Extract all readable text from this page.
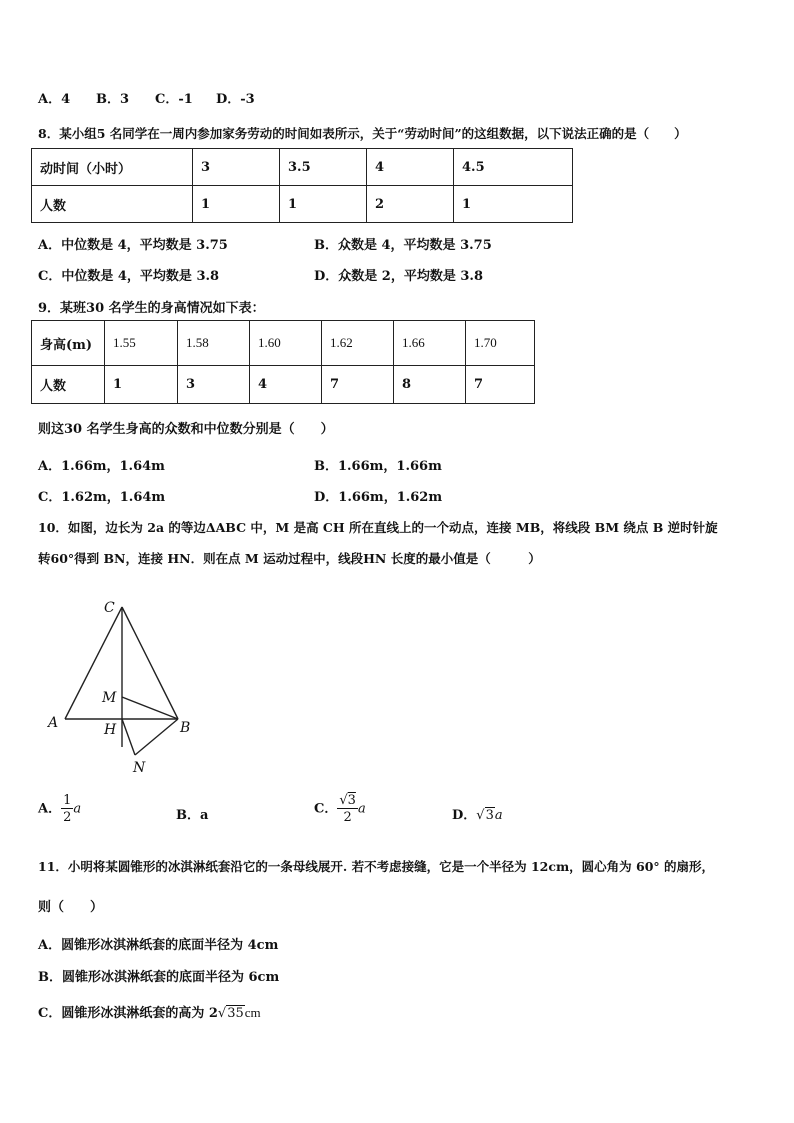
A．4 B．3 C．-1 D．-3
8．某小组5 名同学在一周内参加家务劳动的时间如表所示，关于“劳动时间”的这组数据，以下说法正确的是（　　）
动时间（小时）	3	3.5	4	4.5
人数	1	1	2	1
A．中位数是 4，平均数是 3.75	B．众数是 4，平均数是 3.75
C．中位数是 4，平均数是 3.8	D．众数是 2，平均数是 3.8
9．某班30 名学生的身高情况如下表：
身高(m)	1.55	1.58	1.60	1.62	1.66	1.70
人数	1	3	4	7	8	7
则这30 名学生身高的众数和中位数分别是（　　）
A．1.66m，1.64m	B．1.66m，1.66m
C．1.62m，1.64m	D．1.66m，1.62m
10．如图，边长为 2a 的等边ΔABC 中，M 是高 CH 所在直线上的一个动点，连接 MB，将线段 BM 绕点 B 逆时针旋
转60°得到 BN，连接 HN．则在点 M 运动过程中，线段HN 长度的最小值是（　　　）
C
M
A	H	B
N
A． $\frac{1}{2}$ a	B．a	C． $\frac{√3}{2}$ a	D．√3a
11．小明将某圆锥形的冰淇淋纸套沿它的一条母线展开. 若不考虑接缝，它是一个半径为 12cm，圆心角为 60° 的扇形，
则（　　）
A．圆锥形冰淇淋纸套的底面半径为 4cm
B．圆锥形冰淇淋纸套的底面半径为 6cm
C．圆锥形冰淇淋纸套的高为 2√35cm
